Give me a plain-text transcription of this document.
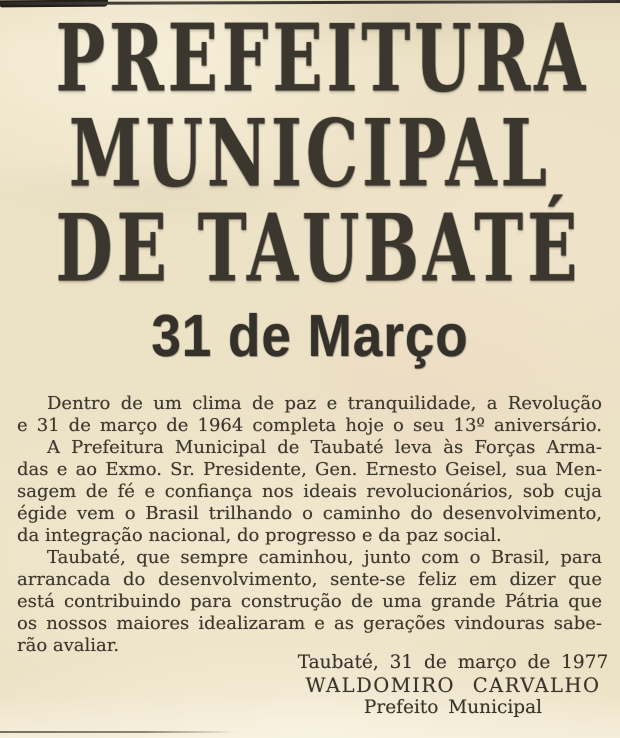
PREFEITURA
MUNICIPAL
DE TAUBATÉ
31 de Março

Dentro de um clima de paz e tranquilidade, a Revolução
e 31 de março de 1964 completa hoje o seu 13º aniversário.

A Prefeitura Municipal de Taubaté leva às Forças Arma-
das e ao Exmo. Sr. Presidente, Gen. Ernesto Geisel, sua Men-
sagem de fé e confiança nos ideais revolucionários, sob cuja
égide vem o Brasil trilhando o caminho do desenvolvimento,
da integração nacional, do progresso e da paz social.

Taubaté, que sempre caminhou, junto com o Brasil, para
arrancada do desenvolvimento, sente-se feliz em dizer que
está contribuindo para construção de uma grande Pátria que
os nossos maiores idealizaram e as gerações vindouras sabe-
rão avaliar.

Taubaté, 31 de março de 1977
WALDOMIRO CARVALHO
Prefeito Municipal
